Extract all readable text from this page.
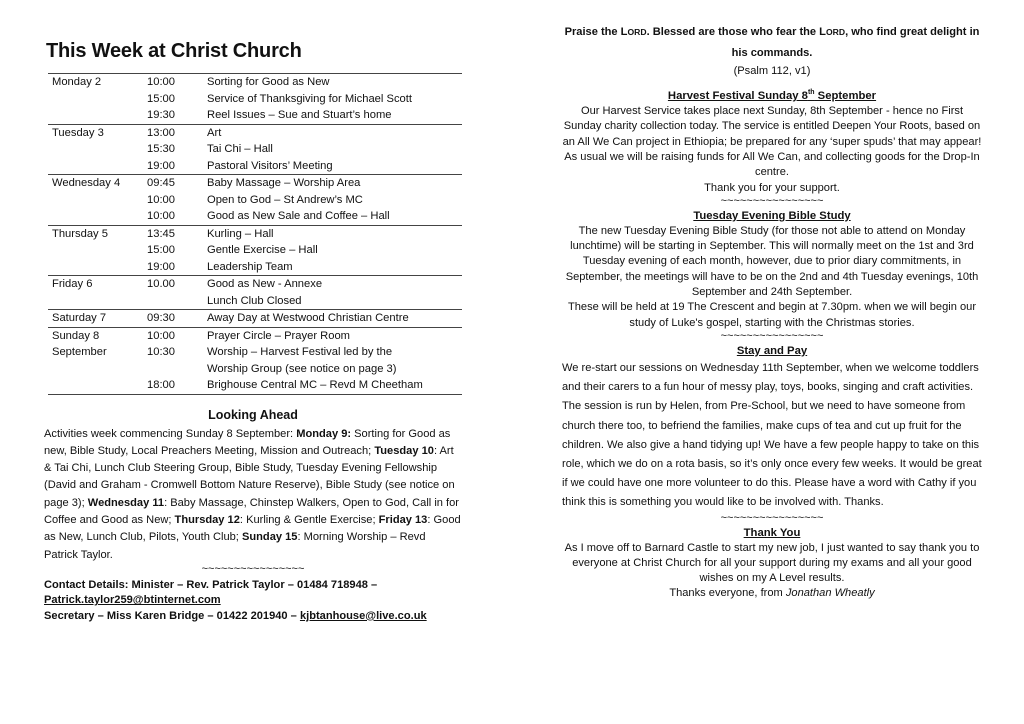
This Week at Christ Church
Monday 2	10:00	Sorting for Good as New
	15:00	Service of Thanksgiving for Michael Scott
	19:30	Reel Issues – Sue and Stuart’s home
Tuesday 3	13:00	Art
	15:30	Tai Chi – Hall
	19:00	Pastoral Visitors’ Meeting
Wednesday 4	09:45	Baby Massage – Worship Area
	10:00	Open to God – St Andrew’s MC
	10:00	Good as New Sale and Coffee – Hall
Thursday 5	13:45	Kurling – Hall
	15:00	Gentle Exercise – Hall
	19:00	Leadership Team
Friday 6	10.00	Good as New - Annexe
		Lunch Club Closed
Saturday 7	09:30	Away Day at Westwood Christian Centre
Sunday 8	10:00	Prayer Circle – Prayer Room
September	10:30	Worship – Harvest Festival led by the
		Worship Group (see notice on page 3)
	18:00	Brighouse Central MC – Revd M Cheetham
Looking Ahead
Activities week commencing Sunday 8 September: Monday 9: Sorting for Good as new, Bible Study, Local Preachers Meeting, Mission and Outreach; Tuesday 10: Art & Tai Chi, Lunch Club Steering Group, Bible Study, Tuesday Evening Fellowship (David and Graham - Cromwell Bottom Nature Reserve), Bible Study (see notice on page 3); Wednesday 11: Baby Massage, Chinstep Walkers, Open to God, Call in for Coffee and Good as New; Thursday 12: Kurling & Gentle Exercise; Friday 13: Good as New, Lunch Club, Pilots, Youth Club; Sunday 15: Morning Worship – Revd Patrick Taylor.
~~~~~~~~~~~~~~~~
Contact Details: Minister – Rev. Patrick Taylor – 01484 718948 –
Patrick.taylor259@btinternet.com
Secretary – Miss Karen Bridge – 01422 201940 – kjbtanhouse@live.co.uk
Praise the LORD. Blessed are those who fear the LORD, who find great delight in his commands.
(Psalm 112, v1)
Harvest Festival Sunday 8th September
Our Harvest Service takes place next Sunday, 8th September - hence no First Sunday charity collection today. The service is entitled Deepen Your Roots, based on an All We Can project in Ethiopia; be prepared for any ‘super spuds’ that may appear! As usual we will be raising funds for All We Can, and collecting goods for the Drop-In centre.
Thank you for your support.
~~~~~~~~~~~~~~~~
Tuesday Evening Bible Study
The new Tuesday Evening Bible Study (for those not able to attend on Monday lunchtime) will be starting in September. This will normally meet on the 1st and 3rd Tuesday evening of each month, however, due to prior diary commitments, in September, the meetings will have to be on the 2nd and 4th Tuesday evenings, 10th September and 24th September.
These will be held at 19 The Crescent and begin at 7.30pm. when we will begin our study of Luke's gospel, starting with the Christmas stories.
~~~~~~~~~~~~~~~~
Stay and Pay
We re-start our sessions on Wednesday 11th September, when we welcome toddlers and their carers to a fun hour of messy play, toys, books, singing and craft activities. The session is run by Helen, from Pre-School, but we need to have someone from church there too, to befriend the families, make cups of tea and cut up fruit for the children. We also give a hand tidying up! We have a few people happy to take on this role, which we do on a rota basis, so it’s only once every few weeks. It would be great if we could have one more volunteer to do this. Please have a word with Cathy if you think this is something you would like to be involved with. Thanks.
~~~~~~~~~~~~~~~~
Thank You
As I move off to Barnard Castle to start my new job, I just wanted to say thank you to everyone at Christ Church for all your support during my exams and all your good wishes on my A Level results.
Thanks everyone, from Jonathan Wheatly
